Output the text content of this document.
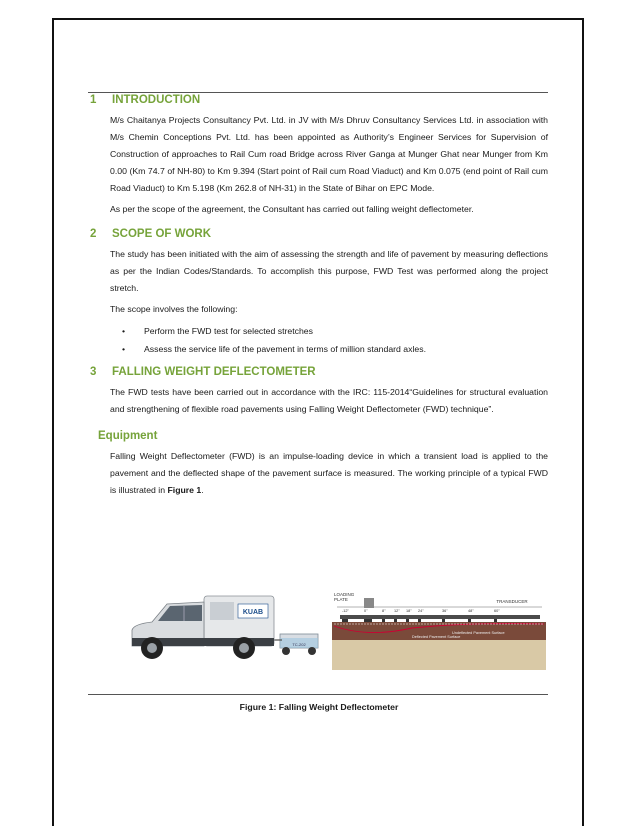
1	INTRODUCTION

M/s Chaitanya Projects Consultancy Pvt. Ltd. in JV with M/s Dhruv Consultancy Services Ltd. in association with M/s Chemin Conceptions Pvt. Ltd. has been appointed as Authority’s Engineer Services for Supervision of Construction of approaches to Rail Cum road Bridge across River Ganga at Munger Ghat near Munger from Km 0.00 (Km 74.7 of NH-80) to Km 9.394 (Start point of Rail cum Road Viaduct) and Km 0.075 (end point of Rail cum Road Viaduct) to Km 5.198 (Km 262.8 of NH-31) in the State of Bihar on EPC Mode.

As per the scope of the agreement, the Consultant has carried out falling weight deflectometer.

2	SCOPE OF WORK

The study has been initiated with the aim of assessing the strength and life of pavement by measuring deflections as per the Indian Codes/Standards. To accomplish this purpose, FWD Test was performed along the project stretch.

The scope involves the following:

•	Perform the FWD test for selected stretches
•	Assess the service life of the pavement in terms of million standard axles.
3	FALLING WEIGHT DEFLECTOMETER

The FWD tests have been carried out in accordance with the IRC: 115-2014“Guidelines for structural evaluation and strengthening of flexible road pavements using Falling Weight Deflectometer (FWD) technique”.

Equipment

Falling Weight Deflectometer (FWD) is an impulse-loading device in which a transient load is applied to the pavement and the deflected shape of the pavement surface is measured. The working principle of a typical FWD is illustrated in Figure 1.

TC-202
KUAB
LOADING PLATE	TRANSDUCER
-12"	0"	8" 12" 18" 24"	36"	48"	60"
Undeflected Pavement Surface
Deflected Pavement Surface
Figure 1: Falling Weight Deflectometer
